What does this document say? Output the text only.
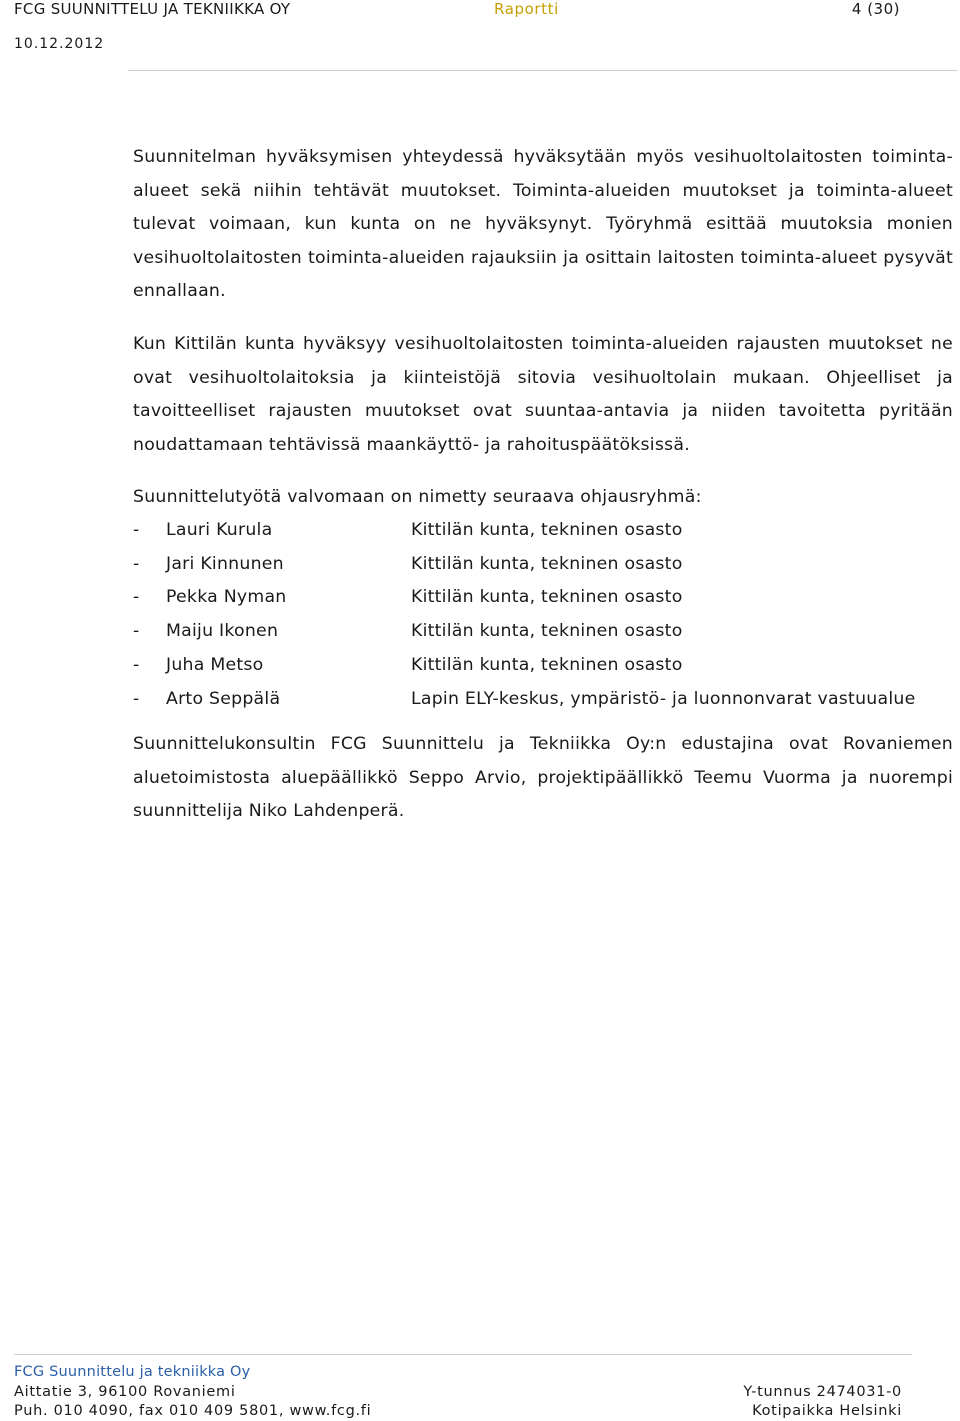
FCG SUUNNITTELU JA TEKNIIKKA OY	Raportti	4 (30)
10.12.2012

Suunnitelman hyväksymisen yhteydessä hyväksytään myös vesihuoltolaitosten toiminta-alueet sekä niihin tehtävät muutokset. Toiminta-alueiden muutokset ja toiminta-alueet tulevat voimaan, kun kunta on ne hyväksynyt. Työryhmä esittää muutoksia monien vesihuoltolaitosten toiminta-alueiden rajauksiin ja osittain laitosten toiminta-alueet pysyvät ennallaan.

Kun Kittilän kunta hyväksyy vesihuoltolaitosten toiminta-alueiden rajausten muutokset ne ovat vesihuoltolaitoksia ja kiinteistöjä sitovia vesihuoltolain mukaan. Ohjeelliset ja tavoitteelliset rajausten muutokset ovat suuntaa-antavia ja niiden tavoitetta pyritään noudattamaan tehtävissä maankäyttö- ja rahoituspäätöksissä.

Suunnittelutyötä valvomaan on nimetty seuraava ohjausryhmä:

- Lauri Kurula	Kittilän kunta, tekninen osasto
- Jari Kinnunen	Kittilän kunta, tekninen osasto
- Pekka Nyman	Kittilän kunta, tekninen osasto
- Maiju Ikonen	Kittilän kunta, tekninen osasto
- Juha Metso	Kittilän kunta, tekninen osasto
- Arto Seppälä	Lapin ELY-keskus, ympäristö- ja luonnonvarat vastuualue

Suunnittelukonsultin FCG Suunnittelu ja Tekniikka Oy:n edustajina ovat Rovaniemen aluetoimistosta aluepäällikkö Seppo Arvio, projektipäällikkö Teemu Vuorma ja nuorempi suunnittelija Niko Lahdenperä.

FCG Suunnittelu ja tekniikka Oy
Aittatie 3, 96100 Rovaniemi
Puh. 010 4090, fax 010 409 5801, www.fcg.fi
Y-tunnus 2474031-0
Kotipaikka Helsinki
